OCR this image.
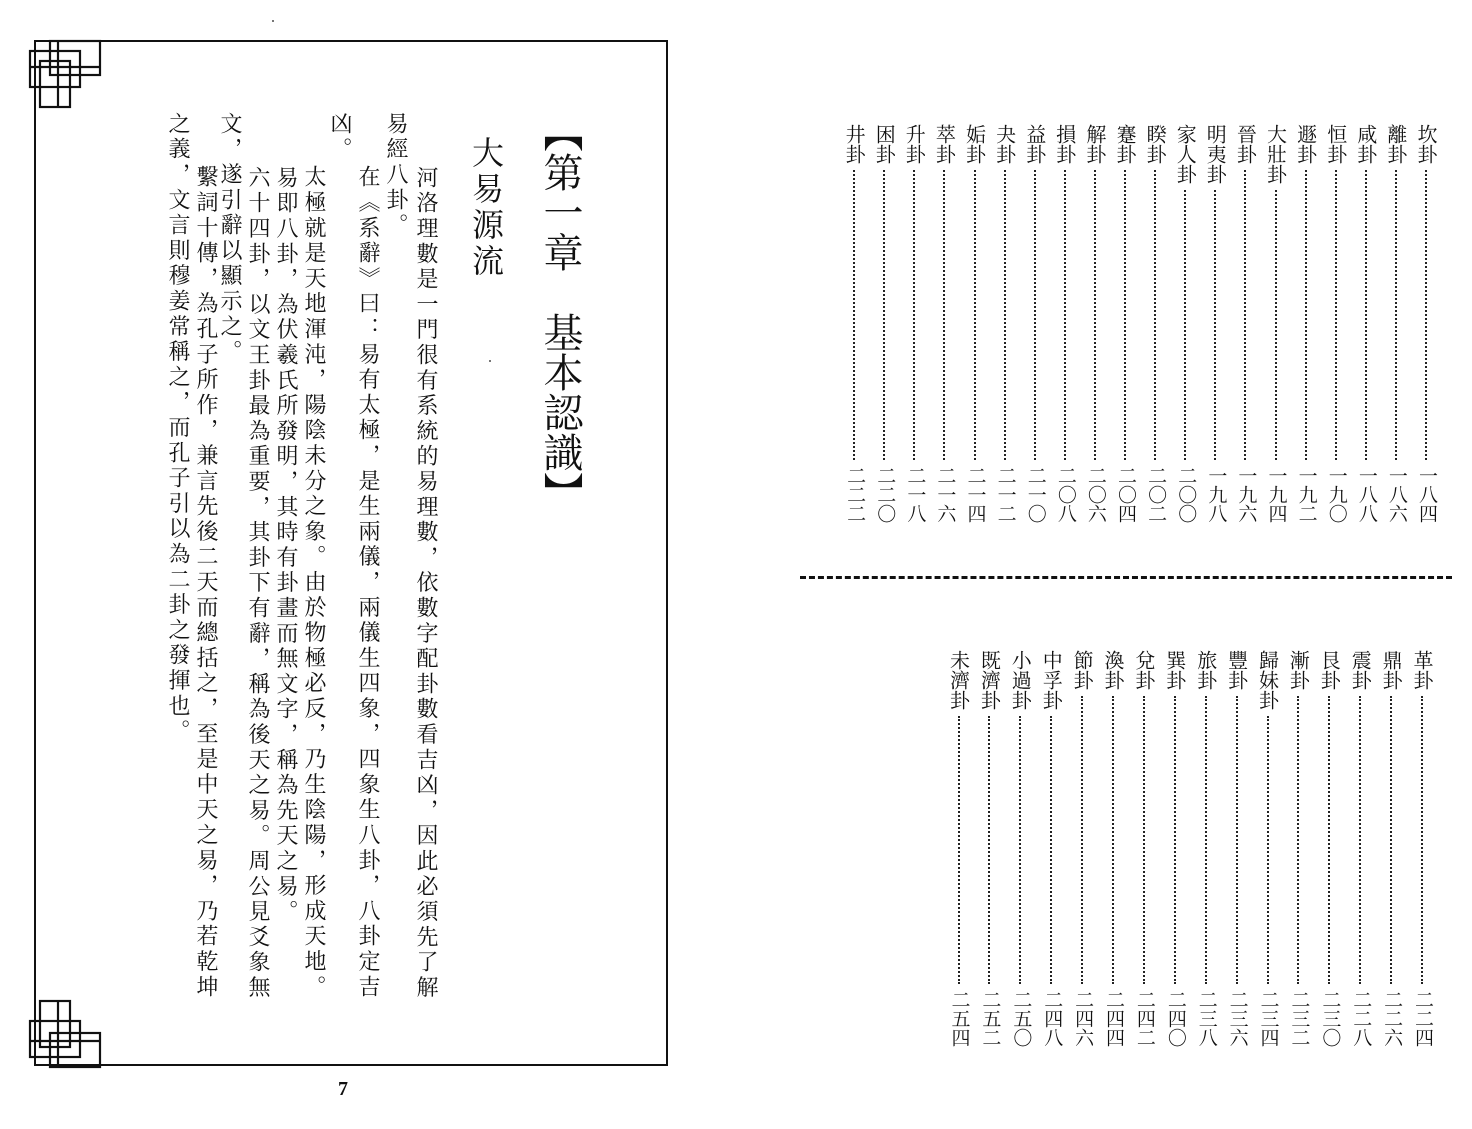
【第一章　基本認識】
大易源流
河洛理數是一門很有系統的易理數，依數字配卦數看吉凶，因此必須先了解
易經八卦。
　在《系辭》曰：易有太極，是生兩儀，兩儀生四象，四象生八卦，八卦定吉
凶。
　太極就是天地渾沌，陽陰未分之象。由於物極必反，乃生陰陽，形成天地。
易即八卦，為伏羲氏所發明，其時有卦畫而無文字，稱為先天之易。
六十四卦，以文王卦最為重要，其卦下有辭，稱為後天之易。周公見爻象無
文，遂引辭以顯示之。
　繫詞十傳，為孔子所作，兼言先後二天而總括之，至是中天之易，乃若乾坤
之義，文言則穆姜常稱之，而孔子引以為二卦之發揮也。
7
坎卦
一八四
離卦
一八六
咸卦
一八八
恒卦
一九〇
遯卦
一九二
大壯卦
一九四
晉卦
一九六
明夷卦
一九八
家人卦
二〇〇
睽卦
二〇二
蹇卦
二〇四
解卦
二〇六
損卦
二〇八
益卦
二一〇
夬卦
二一二
姤卦
二一四
萃卦
二一六
升卦
二一八
困卦
二二〇
井卦
二二二
革卦
二二四
鼎卦
二二六
震卦
二二八
艮卦
二三〇
漸卦
二三二
歸妹卦
二三四
豐卦
二三六
旅卦
二三八
巽卦
二四〇
兌卦
二四二
渙卦
二四四
節卦
二四六
中孚卦
二四八
小過卦
二五〇
既濟卦
二五二
未濟卦
二五四
